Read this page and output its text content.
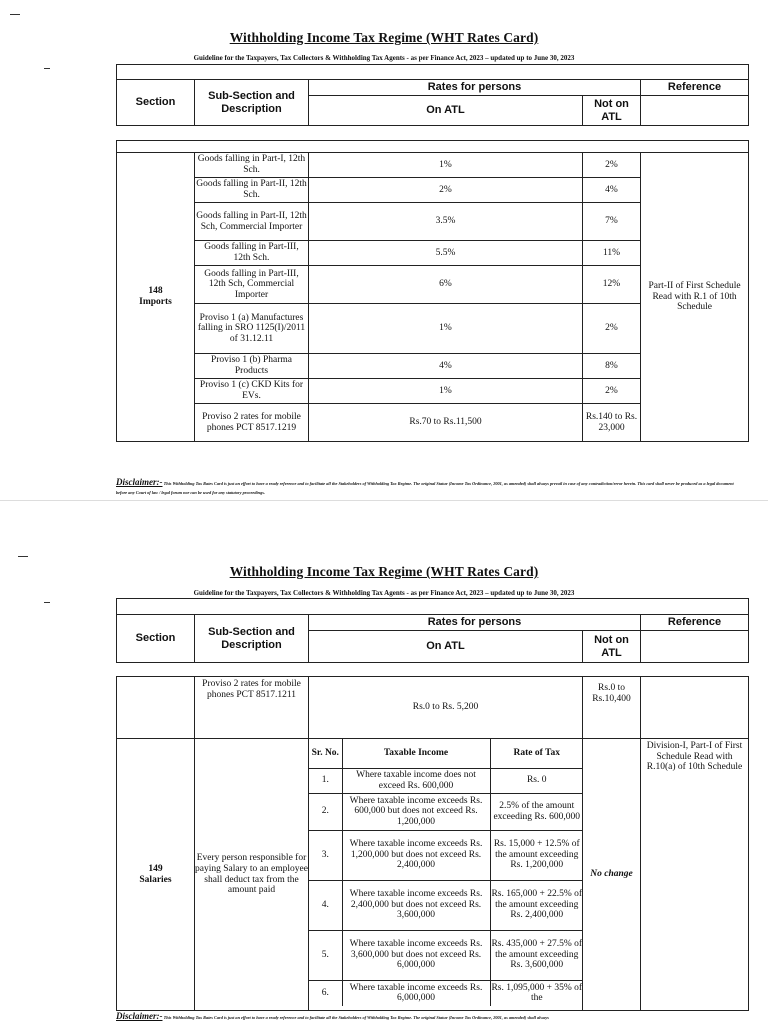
Withholding Income Tax Regime (WHT Rates Card)
Guideline for the Taxpayers, Tax Collectors & Withholding Tax Agents - as per Finance Act, 2023 – updated up to June 30, 2023

Section	Sub-Section and Description	Rates for persons		Reference
		On ATL	Not on ATL	

148
Imports	Goods falling in Part-I, 12th Sch.	1%	2%	Part-II of First Schedule Read with R.1 of 10th Schedule
	Goods falling in Part-II, 12th Sch.	2%	4%	
	Goods falling in Part-II, 12th Sch, Commercial Importer	3.5%	7%	
	Goods falling in Part-III, 12th Sch.	5.5%	11%	
	Goods falling in Part-III, 12th Sch, Commercial Importer	6%	12%	
	Proviso 1 (a) Manufactures falling in SRO 1125(I)/2011 of 31.12.11	1%	2%	
	Proviso 1 (b) Pharma Products	4%	8%	
	Proviso 1 (c) CKD Kits for EVs.	1%	2%	
	Proviso 2 rates for mobile phones PCT 8517.1219	Rs.70 to Rs.11,500	Rs.140 to Rs. 23,000	
Disclaimer:- This Withholding Tax Rates Card is just an effort to have a ready reference and to facilitate all the Stakeholders of Withholding Tax Regime. The original Statue (Income Tax Ordinance, 2001, as amended) shall always prevail in case of any contradiction/error herein. This card shall never be produced as a legal document before any Court of law / legal forum nor can be used for any statutory proceedings.
Withholding Income Tax Regime (WHT Rates Card)
Guideline for the Taxpayers, Tax Collectors & Withholding Tax Agents - as per Finance Act, 2023 – updated up to June 30, 2023

Section	Sub-Section and Description	Rates for persons		Reference
		On ATL	Not on ATL	
	Proviso 2 rates for mobile phones PCT 8517.1211	Rs.0 to Rs. 5,200	Rs.0 to Rs.10,400	
149
Salaries
	Every person responsible for paying Salary to an employee shall deduct tax from the amount paid	
Sr. No.	Taxable Income	Rate of Tax
1.	Where taxable income does not exceed Rs. 600,000	Rs. 0
2.	Where taxable income exceeds Rs. 600,000 but does not exceed Rs. 1,200,000	2.5% of the amount exceeding Rs. 600,000
3.	Where taxable income exceeds Rs. 1,200,000 but does not exceed Rs. 2,400,000	Rs. 15,000 + 12.5% of the amount exceeding Rs. 1,200,000
4.	Where taxable income exceeds Rs. 2,400,000 but does not exceed Rs. 3,600,000	Rs. 165,000 + 22.5% of the amount exceeding Rs. 2,400,000
5.	Where taxable income exceeds Rs. 3,600,000 but does not exceed Rs. 6,000,000	Rs. 435,000 + 27.5% of the amount exceeding Rs. 3,600,000
6.	Where taxable income exceeds Rs. 6,000,000	Rs. 1,095,000 + 35% of the
	No change	Division-I, Part-I of First Schedule Read with R.10(a) of 10th Schedule
Disclaimer:- This Withholding Tax Rates Card is just an effort to have a ready reference and to facilitate all the Stakeholders of Withholding Tax Regime. The original Statue (Income Tax Ordinance, 2001, as amended) shall always
